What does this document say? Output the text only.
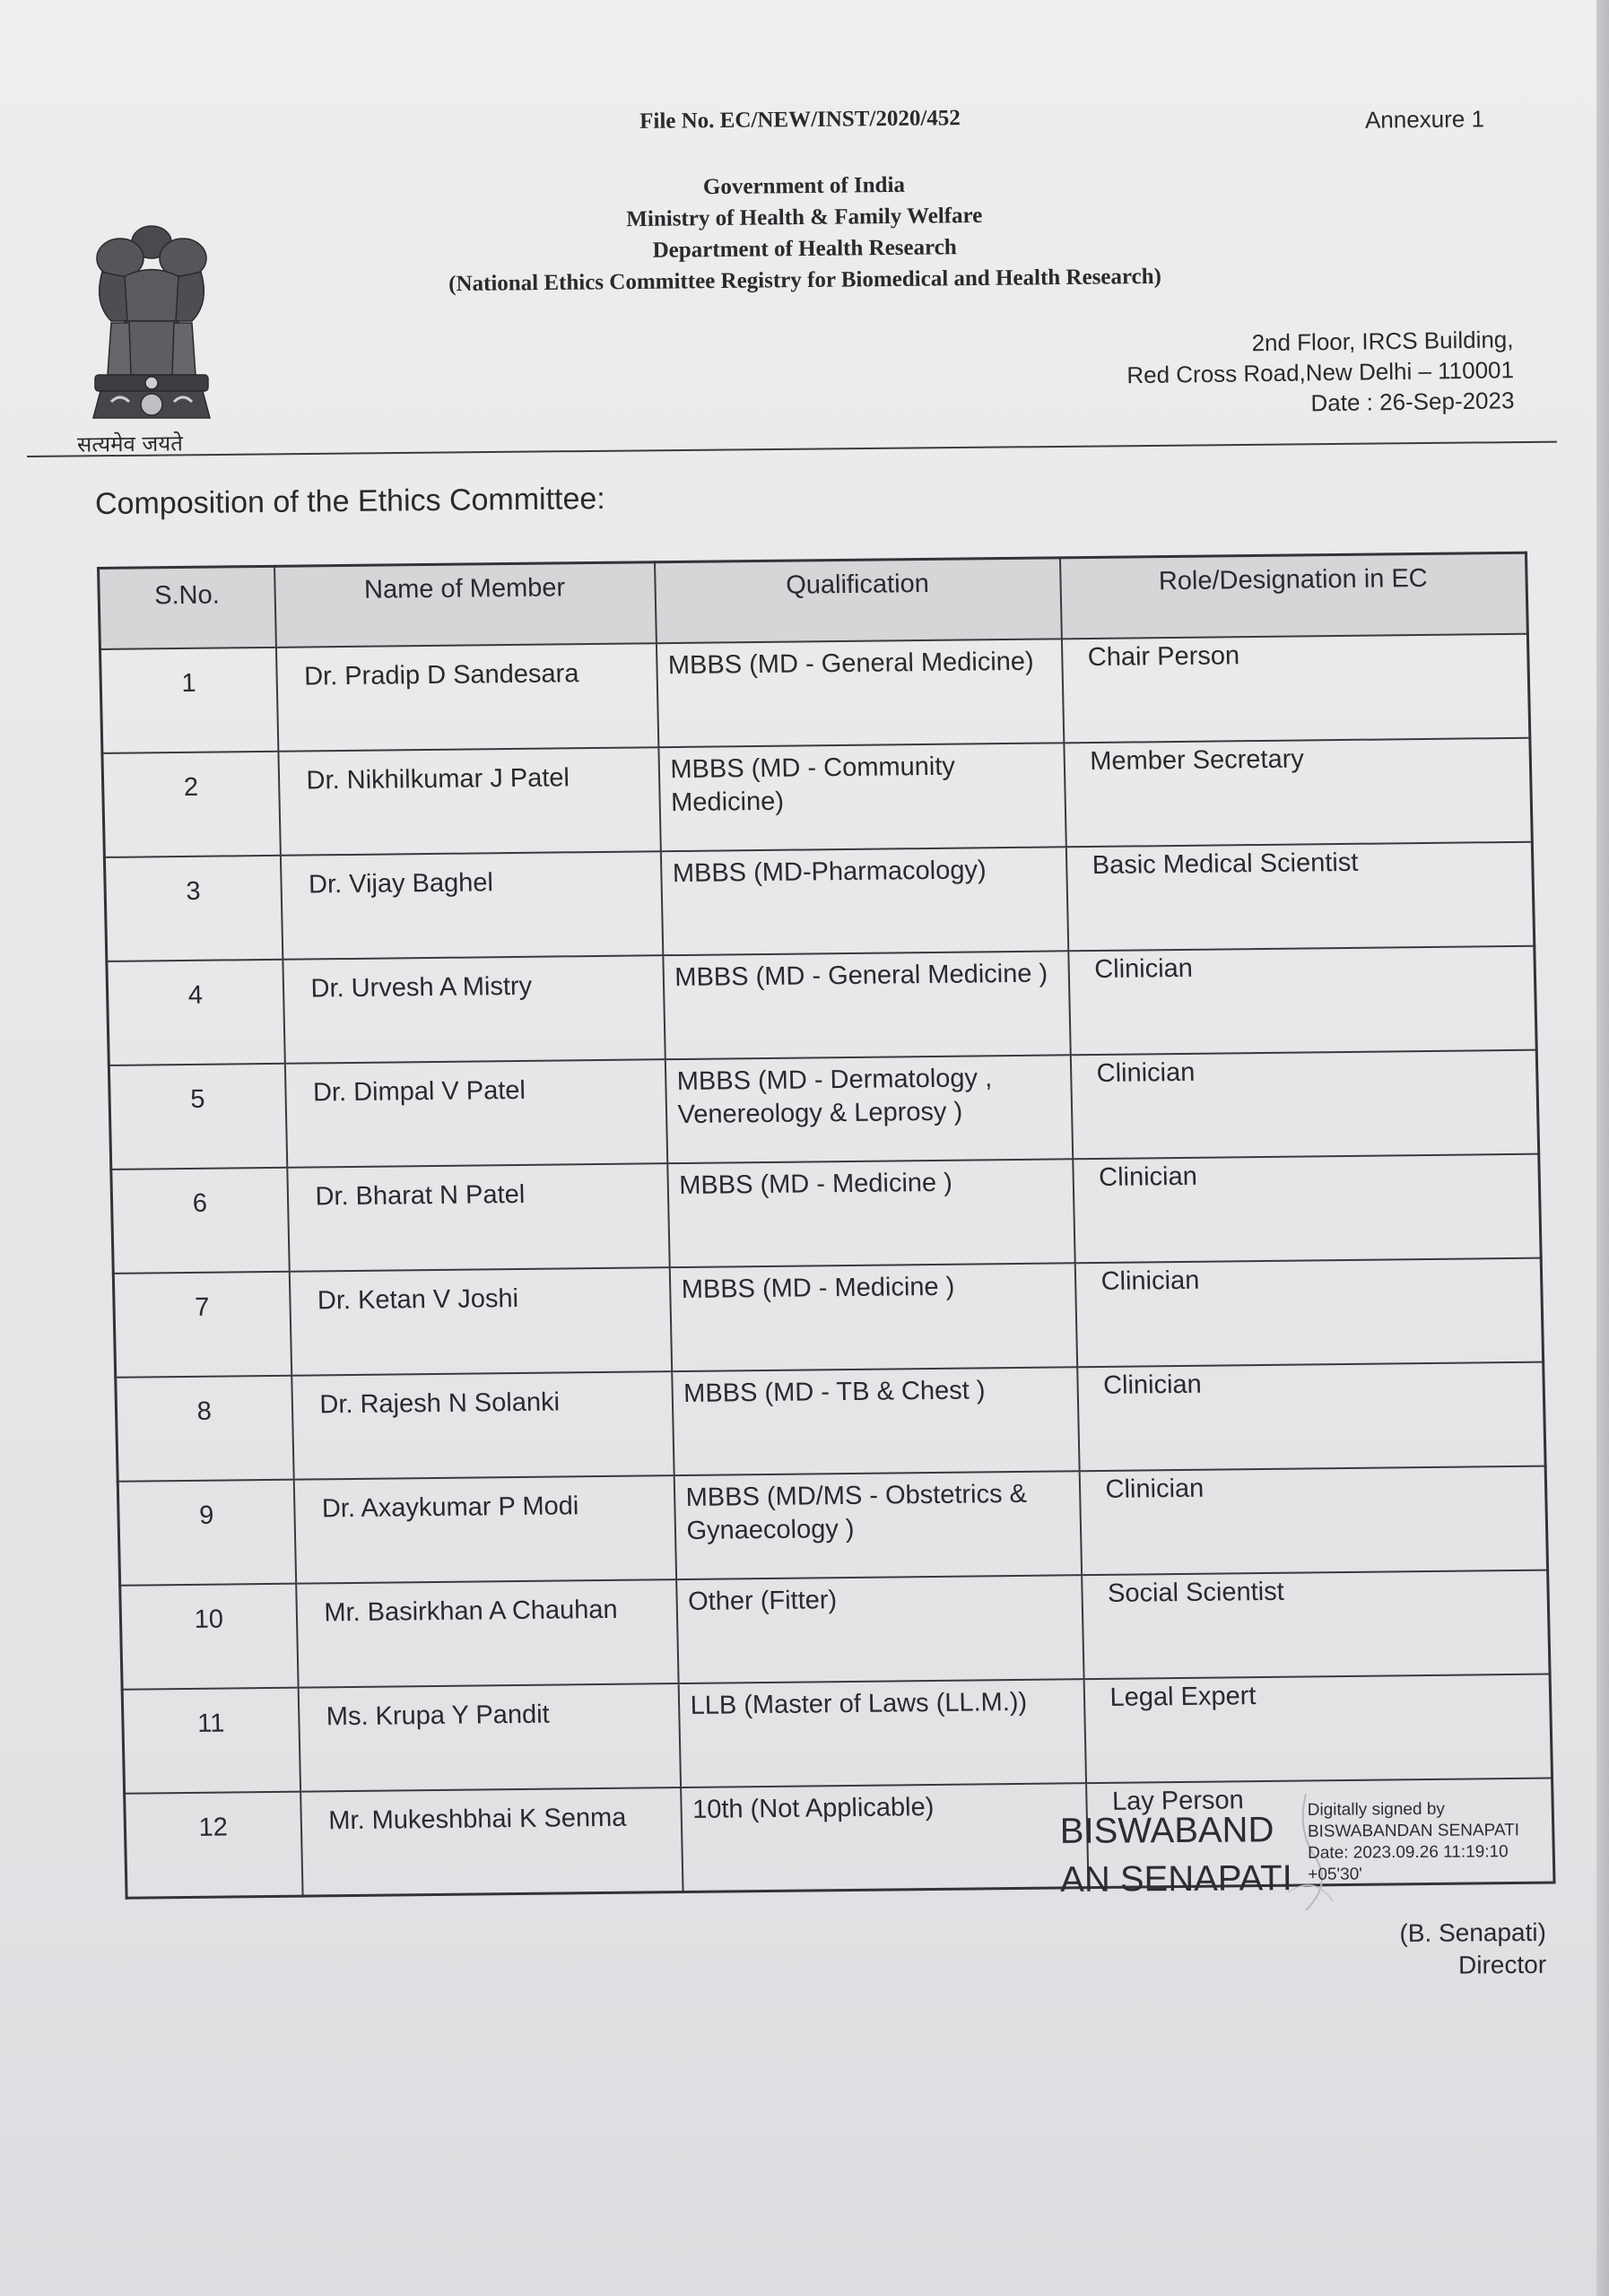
File No. EC/NEW/INST/2020/452	Annexure 1
Government of India
Ministry of Health & Family Welfare
Department of Health Research
(National Ethics Committee Registry for Biomedical and Health Research)
सत्यमेव जयते
2nd Floor, IRCS Building,
Red Cross Road,New Delhi – 110001
Date : 26-Sep-2023
Composition of the Ethics Committee:
S.No.	Name of Member	Qualification	Role/Designation in EC
1	Dr. Pradip D Sandesara	MBBS (MD - General Medicine)	Chair Person
2	Dr. Nikhilkumar J Patel	MBBS (MD - Community Medicine)	Member Secretary
3	Dr. Vijay Baghel	MBBS (MD-Pharmacology)	Basic Medical Scientist
4	Dr. Urvesh A Mistry	MBBS (MD - General Medicine )	Clinician
5	Dr. Dimpal V Patel	MBBS (MD - Dermatology , Venereology & Leprosy )	Clinician
6	Dr. Bharat N Patel	MBBS (MD - Medicine )	Clinician
7	Dr. Ketan V Joshi	MBBS (MD - Medicine )	Clinician
8	Dr. Rajesh N Solanki	MBBS (MD - TB & Chest )	Clinician
9	Dr. Axaykumar P Modi	MBBS (MD/MS - Obstetrics & Gynaecology )	Clinician
10	Mr. Basirkhan A Chauhan	Other (Fitter)	Social Scientist
11	Ms. Krupa Y Pandit	LLB (Master of Laws (LL.M.))	Legal Expert
12	Mr. Mukeshbhai K Senma	10th (Not Applicable)	Lay Person
BISWABAND
AN SENAPATI
Digitally signed by
BISWABANDAN SENAPATI
Date: 2023.09.26 11:19:10
+05'30'
(B. Senapati)
Director
